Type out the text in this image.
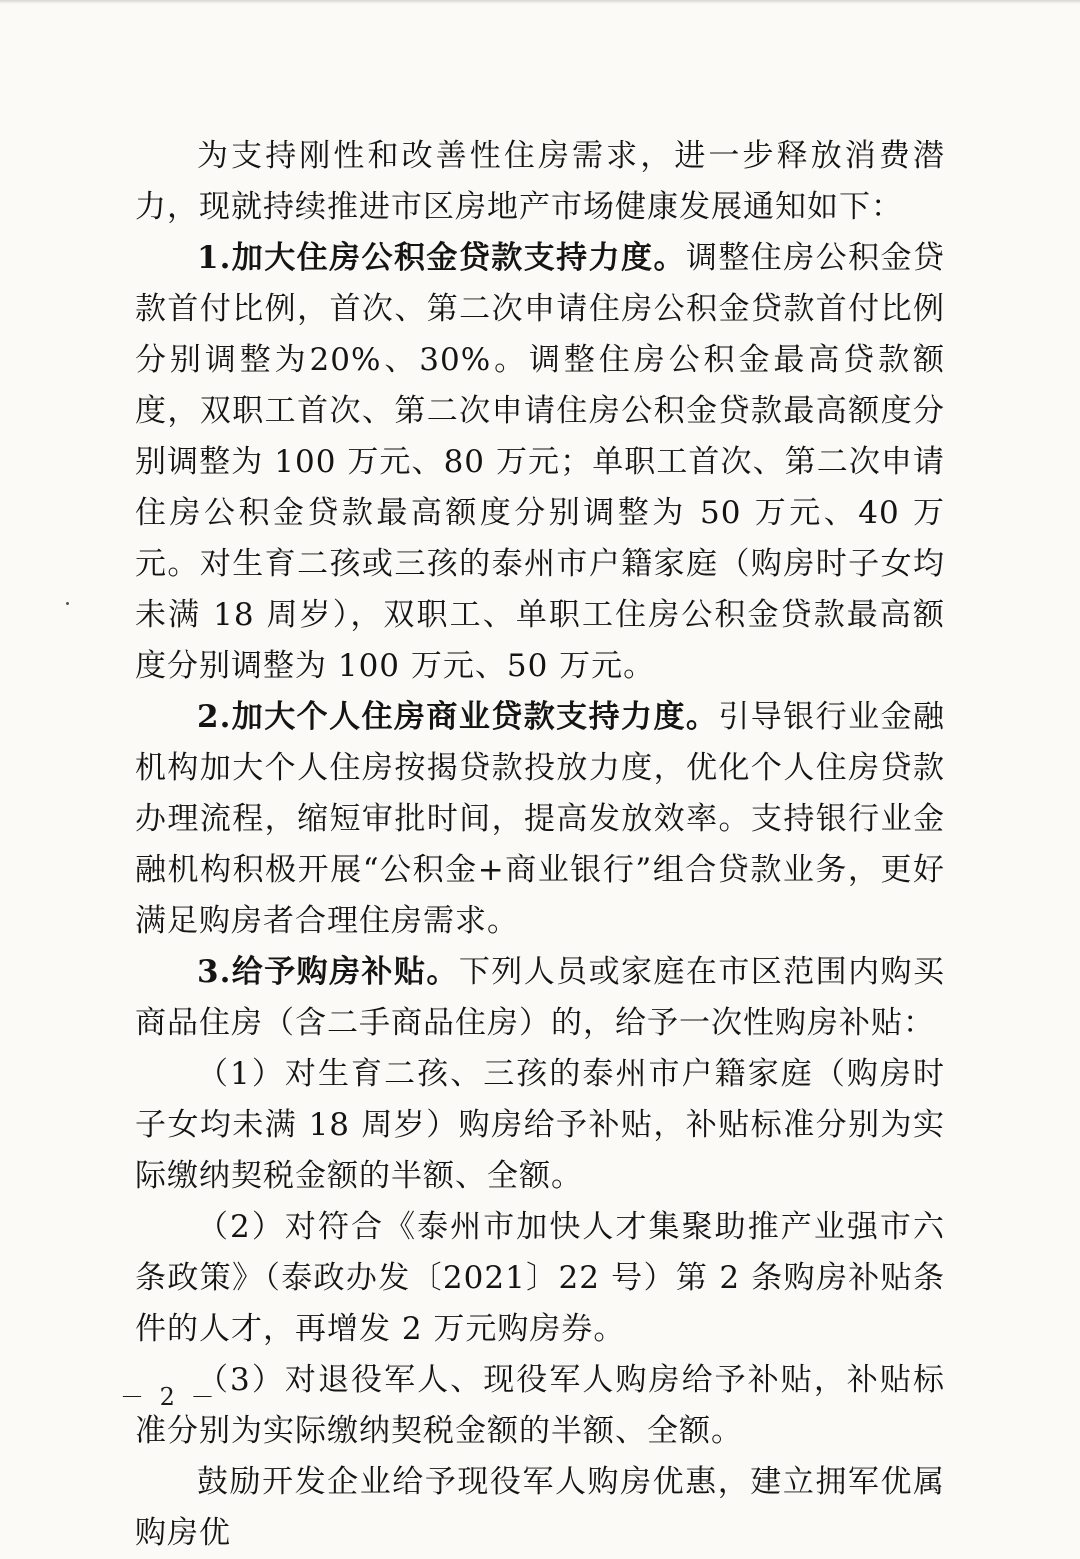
为支持刚性和改善性住房需求，进一步释放消费潜力，现就持续推进市区房地产市场健康发展通知如下：

1.加大住房公积金贷款支持力度。调整住房公积金贷款首付比例，首次、第二次申请住房公积金贷款首付比例分别调整为20%、30%。调整住房公积金最高贷款额度，双职工首次、第二次申请住房公积金贷款最高额度分别调整为 100 万元、80 万元；单职工首次、第二次申请住房公积金贷款最高额度分别调整为 50 万元、40 万元。对生育二孩或三孩的泰州市户籍家庭（购房时子女均未满 18 周岁），双职工、单职工住房公积金贷款最高额度分别调整为 100 万元、50 万元。

2.加大个人住房商业贷款支持力度。引导银行业金融机构加大个人住房按揭贷款投放力度，优化个人住房贷款办理流程，缩短审批时间，提高发放效率。支持银行业金融机构积极开展“公积金+商业银行”组合贷款业务，更好满足购房者合理住房需求。

3.给予购房补贴。下列人员或家庭在市区范围内购买商品住房（含二手商品住房）的，给予一次性购房补贴：

（1）对生育二孩、三孩的泰州市户籍家庭（购房时子女均未满 18 周岁）购房给予补贴，补贴标准分别为实际缴纳契税金额的半额、全额。

（2）对符合《泰州市加快人才集聚助推产业强市六条政策》（泰政办发〔2021〕22 号）第 2 条购房补贴条件的人才，再增发 2 万元购房券。

（3）对退役军人、现役军人购房给予补贴，补贴标准分别为实际缴纳契税金额的半额、全额。

鼓励开发企业给予现役军人购房优惠，建立拥军优属购房优

－ 2 －
